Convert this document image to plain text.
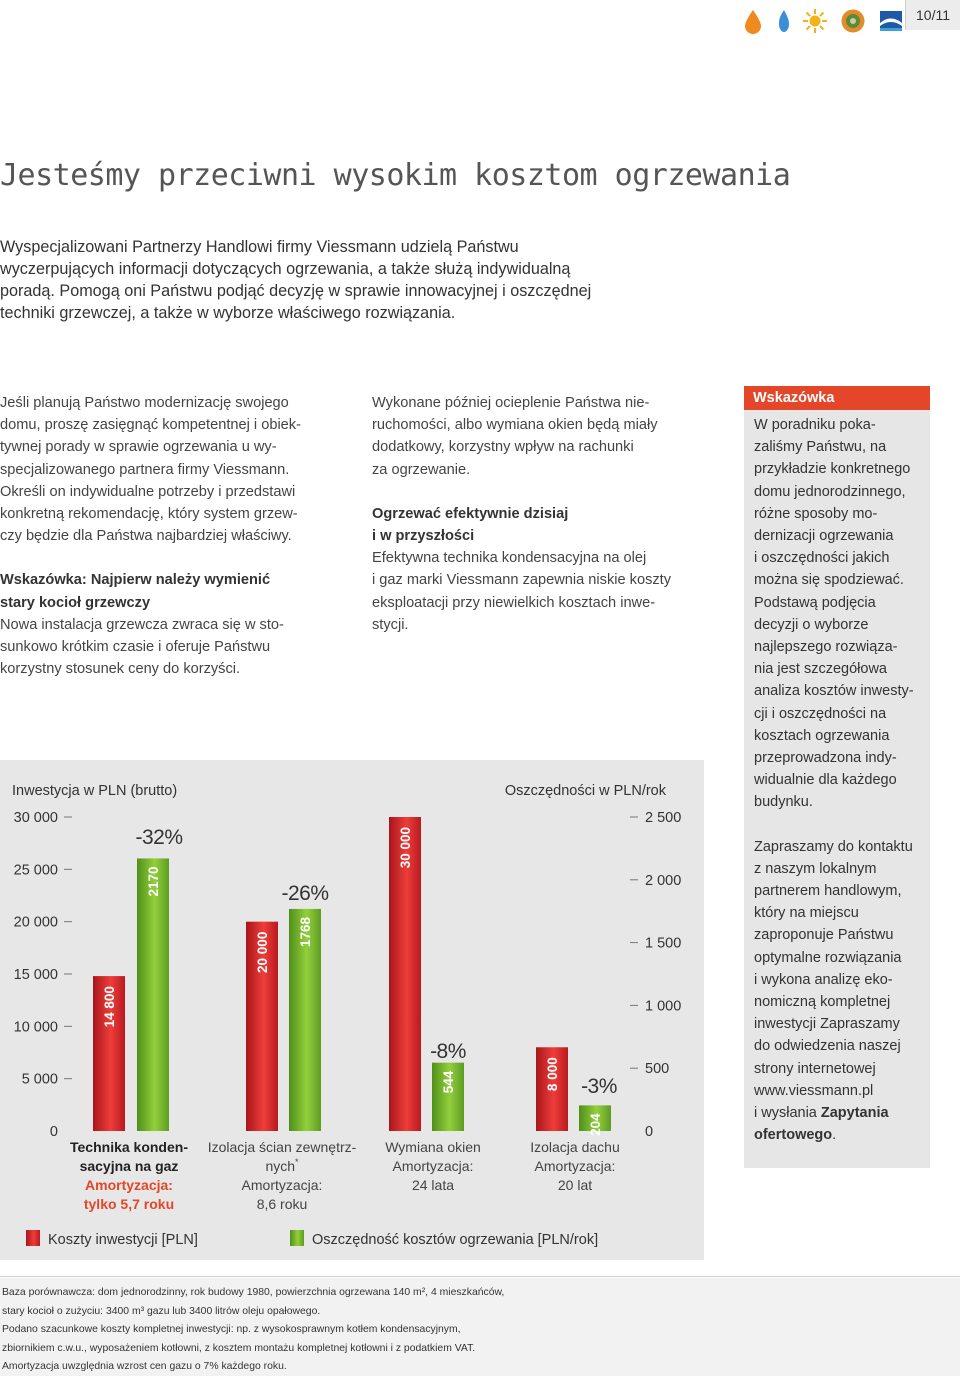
10/11
Jesteśmy przeciwni wysokim kosztom ogrzewania

Wyspecjalizowani Partnerzy Handlowi firmy Viessmann udzielą Państwu

wyczerpujących informacji dotyczących ogrzewania, a także służą indywidualną

poradą. Pomogą oni Państwu podjąć decyzję w sprawie innowacyjnej i oszczędnej

techniki grzewczej, a także w wyborze właściwego rozwiązania.

Jeśli planują Państwo modernizację swojego

domu, proszę zasięgnąć kompetentnej i obiek-

tywnej porady w sprawie ogrzewania u wy-

specjalizowanego partnera firmy Viessmann.

Określi on indywidualne potrzeby i przedstawi

konkretną rekomendację, który system grzew-

czy będzie dla Państwa najbardziej właściwy.

Wskazówka: Najpierw należy wymienić

stary kocioł grzewczy

Nowa instalacja grzewcza zwraca się w sto-

sunkowo krótkim czasie i oferuje Państwu

korzystny stosunek ceny do korzyści.

Wykonane później ocieplenie Państwa nie-

ruchomości, albo wymiana okien będą miały

dodatkowy, korzystny wpływ na rachunki

za ogrzewanie.

Ogrzewać efektywnie dzisiaj

i w przyszłości

Efektywna technika kondensacyjna na olej

i gaz marki Viessmann zapewnia niskie koszty

eksploatacji przy niewielkich kosztach inwe-

stycji.

Wskazówka

W poradniku poka-

zaliśmy Państwu, na

przykładzie konkretnego

domu jednorodzinnego,

różne sposoby mo-

dernizacji ogrzewania

i oszczędności jakich

można się spodziewać.

Podstawą podjęcia

decyzji o wyborze

najlepszego rozwiąza-

nia jest szczegółowa

analiza kosztów inwesty-

cji i oszczędności na

kosztach ogrzewania

przeprowadzona indy-

widualnie dla każdego

budynku.

Zapraszamy do kontaktu

z naszym lokalnym

partnerem handlowym,

który na miejscu

zaproponuje Państwu

optymalne rozwiązania

i wykona analizę eko-

nomiczną kompletnej

inwestycji Zapraszamy

do odwiedzenia naszej

strony internetowej

www.viessmann.pl

i wysłania Zapytania

ofertowego.

Inwestycja w PLN (brutto)	Oszczędności w PLN/rok
30 000
25 000
20 000
15 000
10 000
5 000
0
2 500
2 000
1 500
1 000
500
0
14 800
2170
-32%
20 000 1768
-26%
30 000
544
-8%
8 000
204
-3%
Technika konden-
sacyjna na gaz
Amortyzacja:
tylko 5,7 roku
Izolacja ścian zewnętrz-
nych*
Amortyzacja:
8,6 roku
Wymiana okien
Amortyzacja:
24 lata
Izolacja dachu
Amortyzacja:
20 lat
Koszty inwestycji [PLN]	Oszczędność kosztów ogrzewania [PLN/rok]

Baza porównawcza: dom jednorodzinny, rok budowy 1980, powierzchnia ogrzewana 140 m², 4 mieszkańców,

stary kocioł o zużyciu: 3400 m³ gazu lub 3400 litrów oleju opałowego.

Podano szacunkowe koszty kompletnej inwestycji: np. z wysokosprawnym kotłem kondensacyjnym,

zbiornikiem c.w.u., wyposażeniem kotłowni, z kosztem montażu kompletnej kotłowni i z podatkiem VAT.

Amortyzacja uwzględnia wzrost cen gazu o 7% każdego roku.
